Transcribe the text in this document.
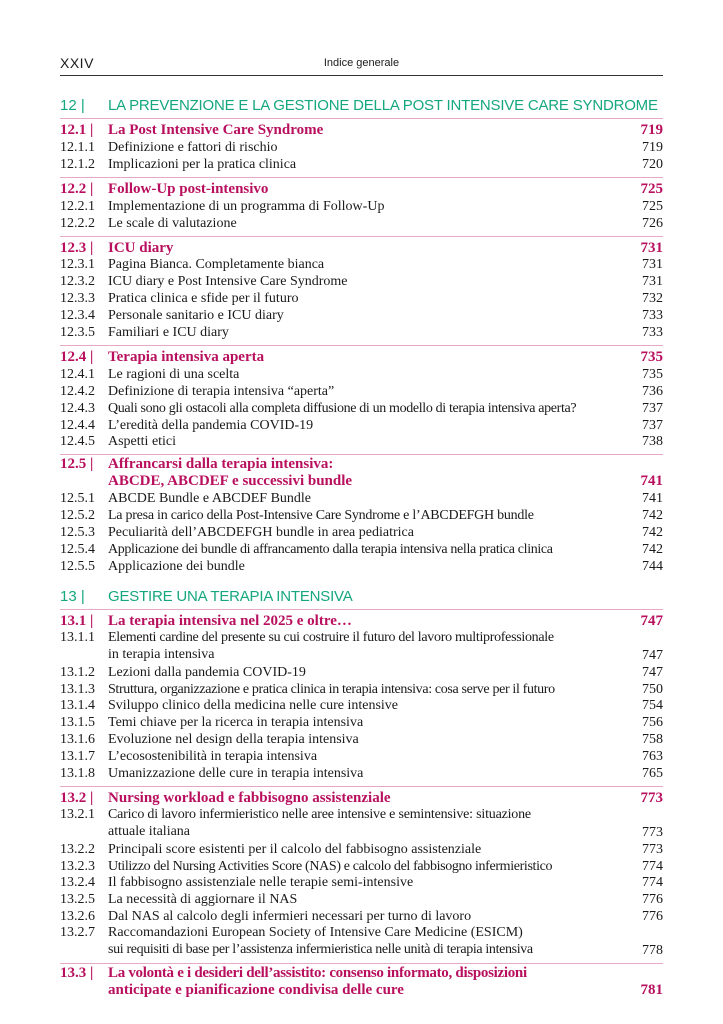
XXIV	Indice generale
12 |	LA PREVENZIONE E LA GESTIONE DELLA POST INTENSIVE CARE SYNDROME
12.1 | La Post Intensive Care Syndrome	719
12.1.1 Definizione e fattori di rischio	719
12.1.2 Implicazioni per la pratica clinica	720
12.2 | Follow-Up post-intensivo	725
12.2.1 Implementazione di un programma di Follow-Up	725
12.2.2 Le scale di valutazione	726
12.3 | ICU diary	731
12.3.1 Pagina Bianca. Completamente bianca	731
12.3.2 ICU diary e Post Intensive Care Syndrome	731
12.3.3 Pratica clinica e sfide per il futuro	732
12.3.4 Personale sanitario e ICU diary	733
12.3.5 Familiari e ICU diary	733
12.4 | Terapia intensiva aperta	735
12.4.1 Le ragioni di una scelta	735
12.4.2 Definizione di terapia intensiva “aperta”	736
12.4.3 Quali sono gli ostacoli alla completa diffusione di un modello di terapia intensiva aperta?	737
12.4.4 L’eredità della pandemia COVID-19	737
12.4.5 Aspetti etici	738
12.5 | Affrancarsi dalla terapia intensiva:
ABCDE, ABCDEF e successivi bundle	741
12.5.1 ABCDE Bundle e ABCDEF Bundle	741
12.5.2 La presa in carico della Post-Intensive Care Syndrome e l’ABCDEFGH bundle	742
12.5.3 Peculiarità dell’ABCDEFGH bundle in area pediatrica	742
12.5.4 Applicazione dei bundle di affrancamento dalla terapia intensiva nella pratica clinica	742
12.5.5 Applicazione dei bundle	744
13 |	GESTIRE UNA TERAPIA INTENSIVA
13.1 | La terapia intensiva nel 2025 e oltre…	747
13.1.1 Elementi cardine del presente su cui costruire il futuro del lavoro multiprofessionale
in terapia intensiva	747
13.1.2 Lezioni dalla pandemia COVID-19	747
13.1.3 Struttura, organizzazione e pratica clinica in terapia intensiva: cosa serve per il futuro	750
13.1.4 Sviluppo clinico della medicina nelle cure intensive	754
13.1.5 Temi chiave per la ricerca in terapia intensiva	756
13.1.6 Evoluzione nel design della terapia intensiva	758
13.1.7 L’ecosostenibilità in terapia intensiva	763
13.1.8 Umanizzazione delle cure in terapia intensiva	765
13.2 | Nursing workload e fabbisogno assistenziale	773
13.2.1 Carico di lavoro infermieristico nelle aree intensive e semintensive: situazione
attuale italiana	773
13.2.2 Principali score esistenti per il calcolo del fabbisogno assistenziale	773
13.2.3 Utilizzo del Nursing Activities Score (NAS) e calcolo del fabbisogno infermieristico	774
13.2.4 Il fabbisogno assistenziale nelle terapie semi-intensive	774
13.2.5 La necessità di aggiornare il NAS	776
13.2.6 Dal NAS al calcolo degli infermieri necessari per turno di lavoro	776
13.2.7 Raccomandazioni European Society of Intensive Care Medicine (ESICM)
sui requisiti di base per l’assistenza infermieristica nelle unità di terapia intensiva	778
13.3 | La volontà e i desideri dell’assistito: consenso informato, disposizioni
anticipate e pianificazione condivisa delle cure	781
